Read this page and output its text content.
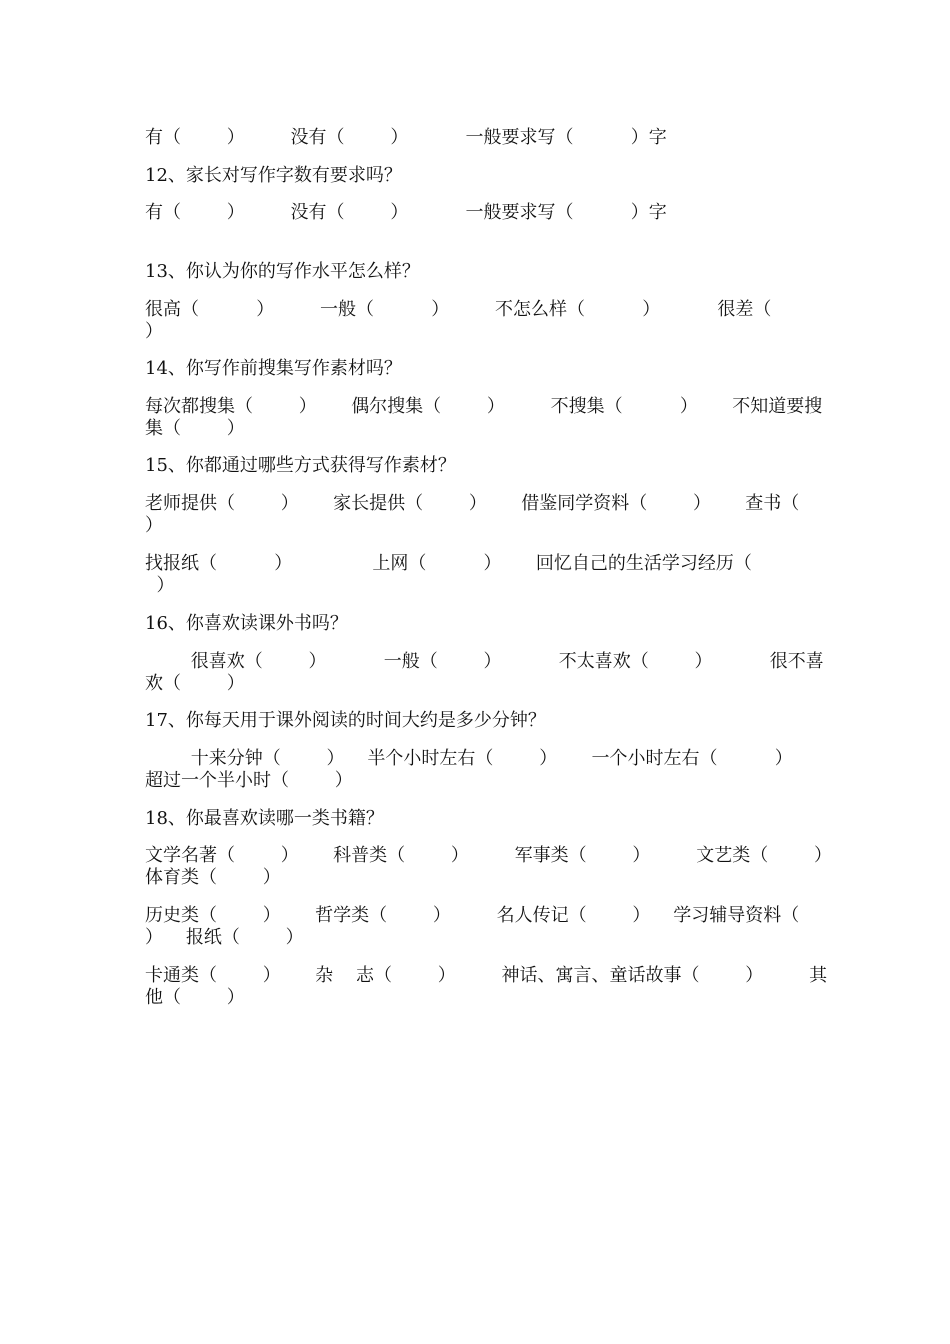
有（        ）        没有（        ）          一般要求写（          ）字

12、家长对写作字数有要求吗？

有（        ）        没有（        ）          一般要求写（          ）字

13、你认为你的写作水平怎么样？

很高（          ）        一般（          ）        不怎么样（          ）          很差（
）

14、你写作前搜集写作素材吗？

每次都搜集（        ）      偶尔搜集（        ）        不搜集（          ）      不知道要搜
集（        ）

15、你都通过哪些方式获得写作素材？

老师提供（        ）      家长提供（        ）      借鉴同学资料（        ）      查书（
）

找报纸（          ）              上网（          ）      回忆自己的生活学习经历（
）

16、你喜欢读课外书吗？

很喜欢（        ）          一般（        ）          不太喜欢（        ）          很不喜
欢（        ）

17、你每天用于课外阅读的时间大约是多少分钟？

十来分钟（        ）    半个小时左右（        ）      一个小时左右（          ）
超过一个半小时（        ）

18、你最喜欢读哪一类书籍？

文学名著（        ）      科普类（        ）        军事类（        ）        文艺类（        ）
体育类（        ）

历史类（        ）      哲学类（        ）        名人传记（        ）    学习辅导资料（
）    报纸（        ）

卡通类（        ）      杂    志（        ）        神话、寓言、童话故事（        ）        其
他（        ）
